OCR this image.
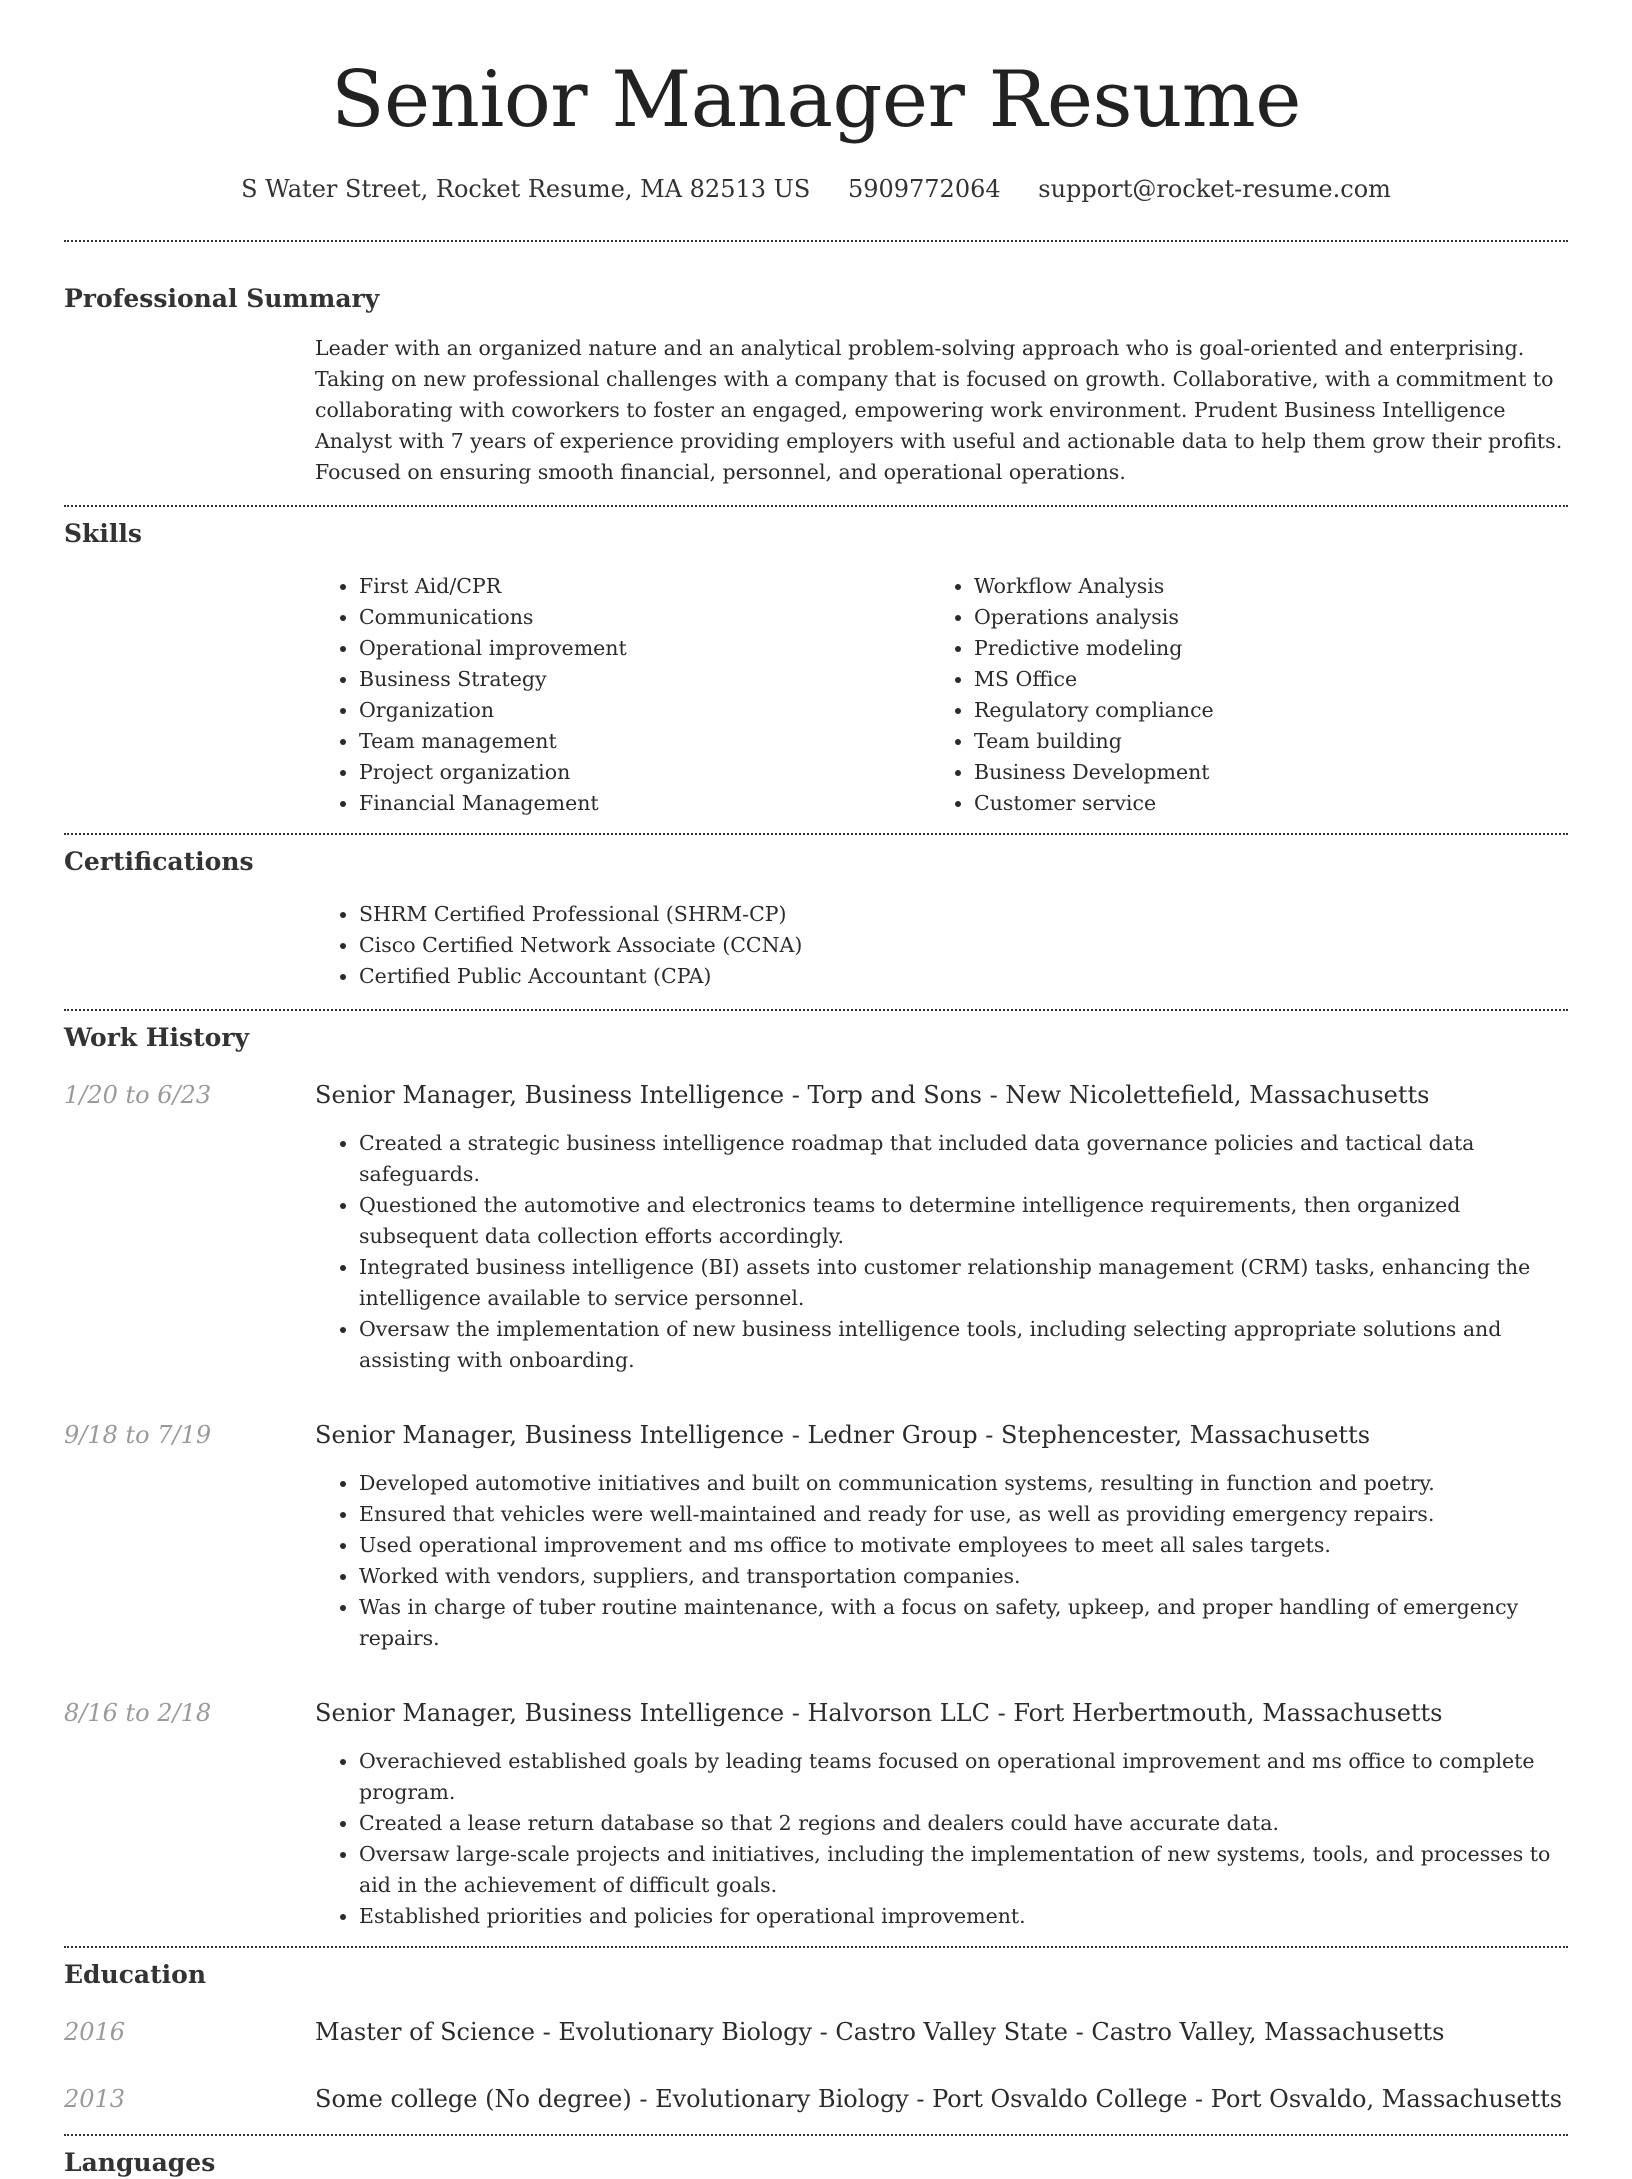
Senior Manager Resume
S Water Street, Rocket Resume, MA 82513 US 5909772064 support@rocket-resume.com
Professional Summary
Leader with an organized nature and an analytical problem-solving approach who is goal-oriented and enterprising. Taking on new professional challenges with a company that is focused on growth. Collaborative, with a commitment to collaborating with coworkers to foster an engaged, empowering work environment. Prudent Business Intelligence Analyst with 7 years of experience providing employers with useful and actionable data to help them grow their profits. Focused on ensuring smooth financial, personnel, and operational operations.
Skills
• First Aid/CPR
• Communications
• Operational improvement
• Business Strategy
• Organization
• Team management
• Project organization
• Financial Management
• Workflow Analysis
• Operations analysis
• Predictive modeling
• MS Office
• Regulatory compliance
• Team building
• Business Development
• Customer service
Certifications
• SHRM Certified Professional (SHRM-CP)
• Cisco Certified Network Associate (CCNA)
• Certified Public Accountant (CPA)
Work History
1/20 to 6/23	Senior Manager, Business Intelligence - Torp and Sons - New Nicolettefield, Massachusetts
• Created a strategic business intelligence roadmap that included data governance policies and tactical data safeguards.
• Questioned the automotive and electronics teams to determine intelligence requirements, then organized subsequent data collection efforts accordingly.
• Integrated business intelligence (BI) assets into customer relationship management (CRM) tasks, enhancing the intelligence available to service personnel.
• Oversaw the implementation of new business intelligence tools, including selecting appropriate solutions and assisting with onboarding.
9/18 to 7/19	Senior Manager, Business Intelligence - Ledner Group - Stephencester, Massachusetts
• Developed automotive initiatives and built on communication systems, resulting in function and poetry.
• Ensured that vehicles were well-maintained and ready for use, as well as providing emergency repairs.
• Used operational improvement and ms office to motivate employees to meet all sales targets.
• Worked with vendors, suppliers, and transportation companies.
• Was in charge of tuber routine maintenance, with a focus on safety, upkeep, and proper handling of emergency repairs.
8/16 to 2/18	Senior Manager, Business Intelligence - Halvorson LLC - Fort Herbertmouth, Massachusetts
• Overachieved established goals by leading teams focused on operational improvement and ms office to complete program.
• Created a lease return database so that 2 regions and dealers could have accurate data.
• Oversaw large-scale projects and initiatives, including the implementation of new systems, tools, and processes to aid in the achievement of difficult goals.
• Established priorities and policies for operational improvement.
Education
2016	Master of Science - Evolutionary Biology - Castro Valley State - Castro Valley, Massachusetts
2013	Some college (No degree) - Evolutionary Biology - Port Osvaldo College - Port Osvaldo, Massachusetts
Languages
